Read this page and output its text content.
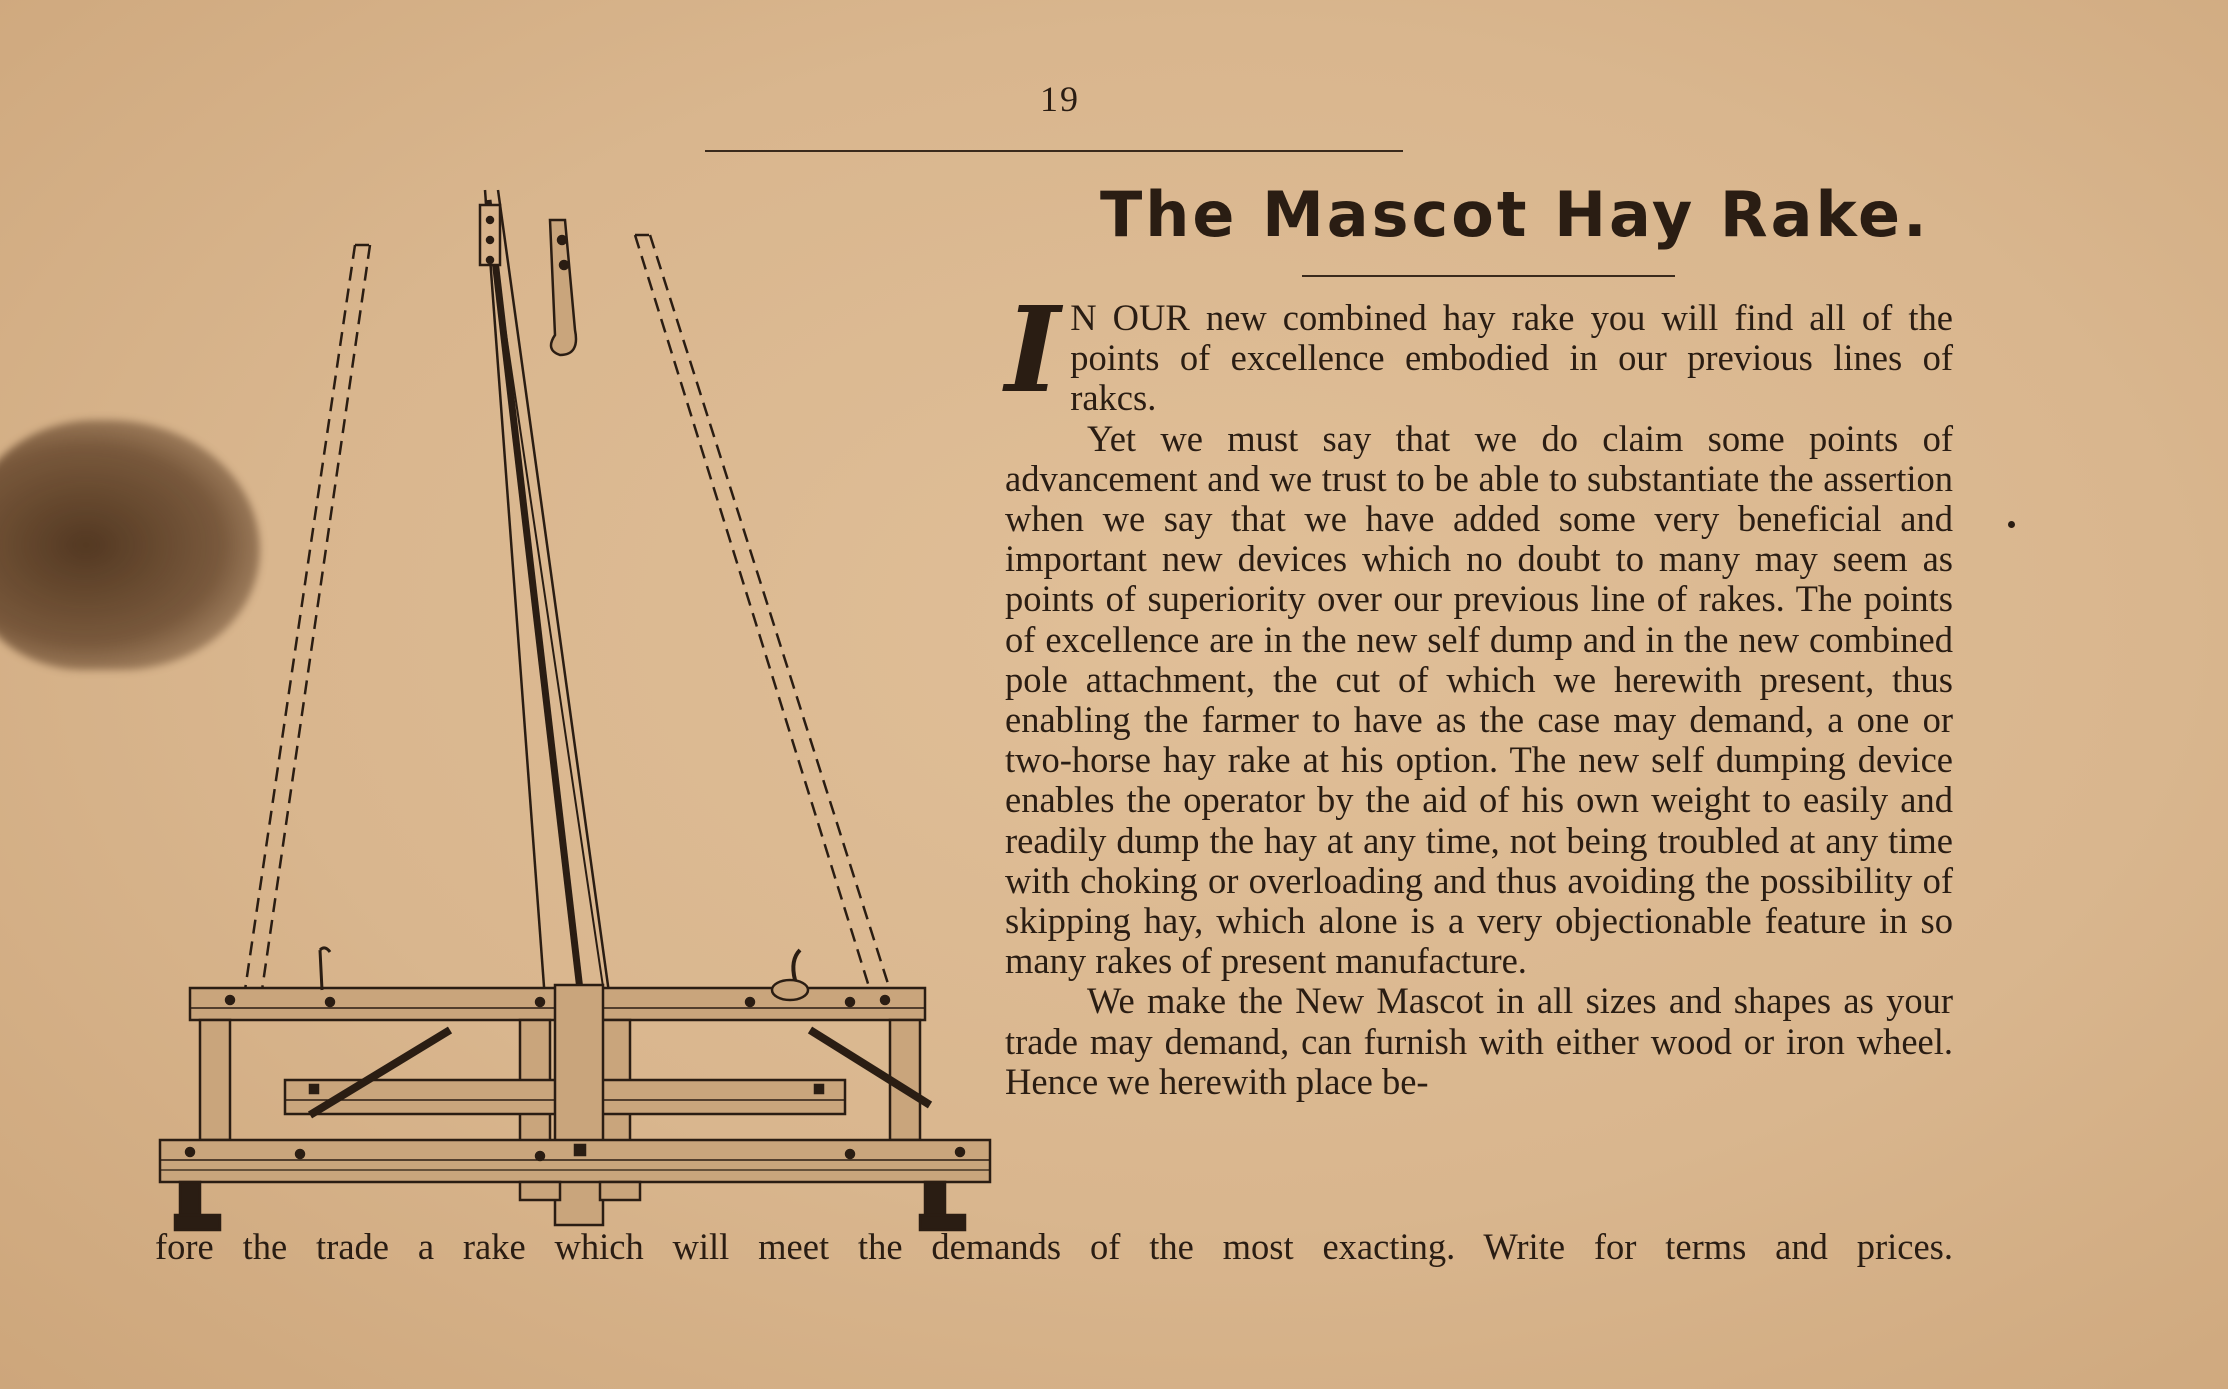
19
The Mascot Hay Rake.

I N OUR new combined hay rake you will find all of the points of excellence embodied in our previous lines of rakcs.

Yet we must say that we do claim some points of advancement and we trust to be able to substantiate the assertion when we say that we have added some very beneficial and important new devices which no doubt to many may seem as points of superiority over our previous line of rakes. The points of excellence are in the new self dump and in the new combined pole attachment, the cut of which we herewith present, thus enabling the farmer to have as the case may demand, a one or two-horse hay rake at his option. The new self dumping device enables the operator by the aid of his own weight to easily and readily dump the hay at any time, not being troubled at any time with choking or overloading and thus avoiding the possibility of skipping hay, which alone is a very objectionable feature in so many rakes of present manufacture.

We make the New Mascot in all sizes and shapes as your trade may demand, can furnish with either wood or iron wheel. Hence we herewith place be-

fore the trade a rake which will meet the demands of the most exacting. Write for terms and prices.
